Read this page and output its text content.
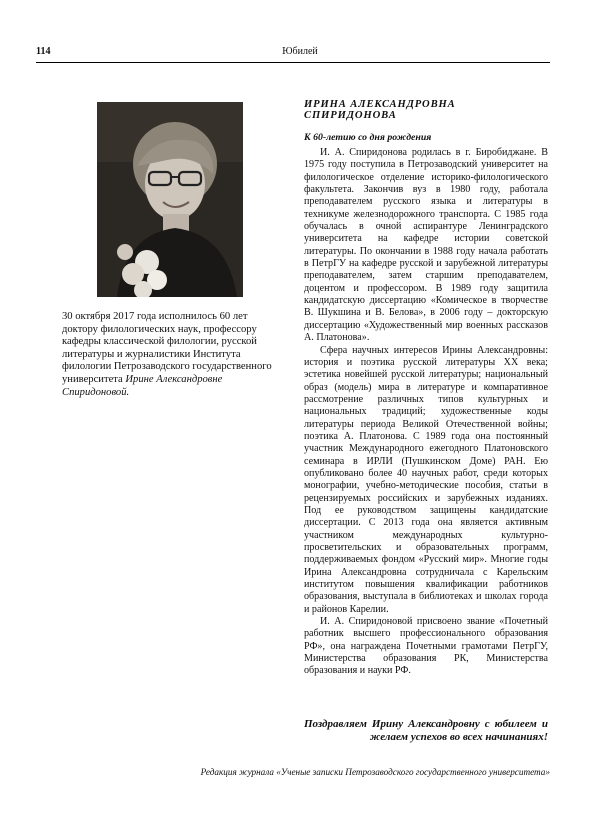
114	Юбилей
30 октября 2017 года исполнилось 60 лет доктору филологических наук, профессору кафедры классической филологии, русской литературы и журналистики Института филологии Петрозаводского государственного университета Ирине Александровне Спиридоновой.
ИРИНА АЛЕКСАНДРОВНА СПИРИДОНОВА
К 60-летию со дня рождения

И. А. Спиридонова родилась в г. Биробиджане. В 1975 году поступила в Петрозаводский университет на филологическое отделение историко-филологического факультета. Закончив вуз в 1980 году, работала преподавателем русского языка и литературы в техникуме железнодорожного транспорта. С 1985 года обучалась в очной аспирантуре Ленинградского университета на кафедре истории советской литературы. По окончании в 1988 году начала работать в ПетрГУ на кафедре русской и зарубежной литературы преподавателем, затем старшим преподавателем, доцентом и профессором. В 1989 году защитила кандидатскую диссертацию «Комическое в творчестве В. Шукшина и В. Белова», в 2006 году – докторскую диссертацию «Художественный мир военных рассказов А. Платонова».

Сфера научных интересов Ирины Александровны: история и поэтика русской литературы XX века; эстетика новейшей русской литературы; национальный образ (модель) мира в литературе и компаративное рассмотрение различных типов культурных и национальных традиций; художественные коды литературы периода Великой Отечественной войны; поэтика А. Платонова. С 1989 года она постоянный участник Международного ежегодного Платоновского семинара в ИРЛИ (Пушкинском Доме) РАН. Ею опубликовано более 40 научных работ, среди которых монографии, учебно-методические пособия, статьи в рецензируемых российских и зарубежных изданиях. Под ее руководством защищены кандидатские диссертации. С 2013 года она является активным участником международных культурно-просветительских и образовательных программ, поддерживаемых фондом «Русский мир». Многие годы Ирина Александровна сотрудничала с Карельским институтом повышения квалификации работников образования, выступала в библиотеках и школах города и районов Карелии.

И. А. Спиридоновой присвоено звание «Почетный работник высшего профессионального образования РФ», она награждена Почетными грамотами ПетрГУ, Министерства образования РК, Министерства образования и науки РФ.

Поздравляем Ирину Александровну с юбилеем и желаем успехов во всех начинаниях!
Редакция журнала «Ученые записки Петрозаводского государственного университета»
